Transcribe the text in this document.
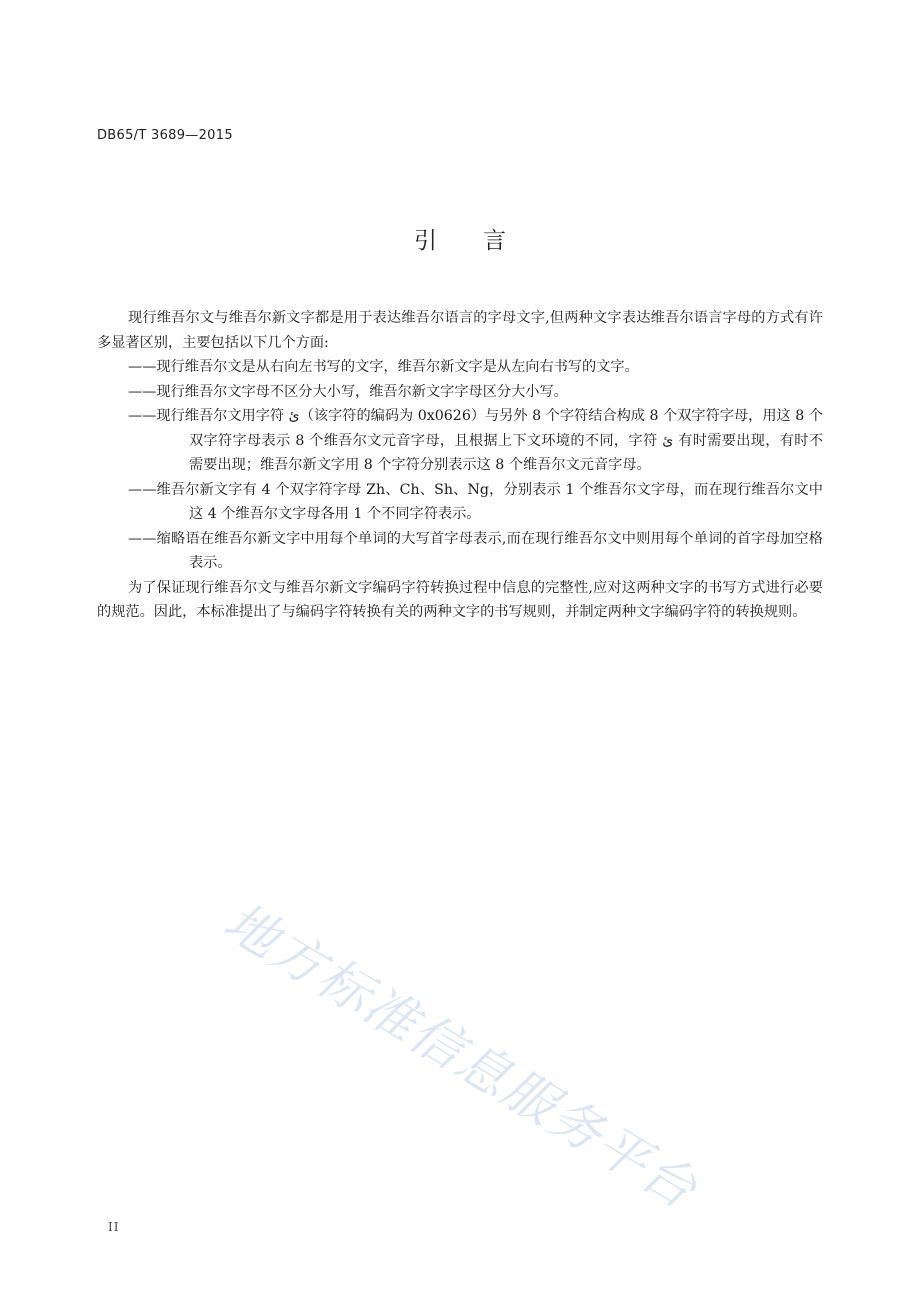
DB65/T 3689—2015
引言

现行维吾尔文与维吾尔新文字都是用于表达维吾尔语言的字母文字,但两种文字表达维吾尔语言字母的方式有许多显著区别，主要包括以下几个方面:

——现行维吾尔文是从右向左书写的文字，维吾尔新文字是从左向右书写的文字。

——现行维吾尔文字母不区分大小写，维吾尔新文字字母区分大小写。

——现行维吾尔文用字符 ئ（该字符的编码为 0x0626）与另外 8 个字符结合构成 8 个双字符字母，用这 8 个双字符字母表示 8 个维吾尔文元音字母，且根据上下文环境的不同，字符 ئ 有时需要出现，有时不需要出现；维吾尔新文字用 8 个字符分别表示这 8 个维吾尔文元音字母。

——维吾尔新文字有 4 个双字符字母 Zh、Ch、Sh、Ng，分别表示 1 个维吾尔文字母，而在现行维吾尔文中这 4 个维吾尔文字母各用 1 个不同字符表示。

——缩略语在维吾尔新文字中用每个单词的大写首字母表示,而在现行维吾尔文中则用每个单词的首字母加空格表示。

为了保证现行维吾尔文与维吾尔新文字编码字符转换过程中信息的完整性,应对这两种文字的书写方式进行必要的规范。因此，本标准提出了与编码字符转换有关的两种文字的书写规则，并制定两种文字编码字符的转换规则。

地方标准信息服务平台
II
